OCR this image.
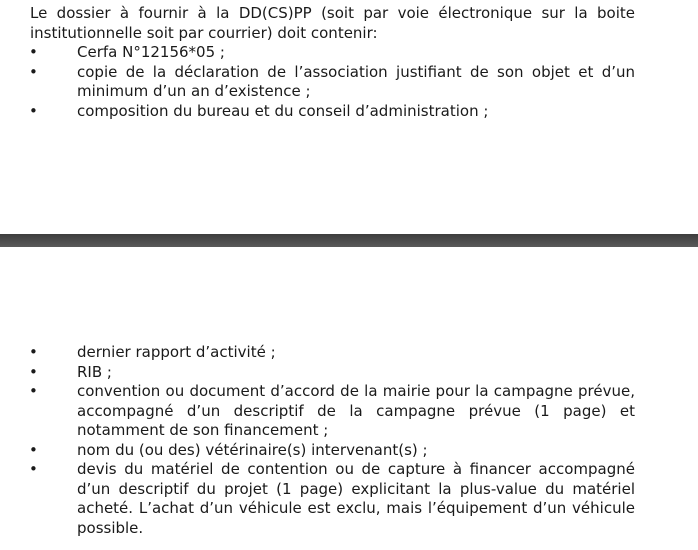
Le dossier à fournir à la DD(CS)PP (soit par voie électronique sur la boite institutionnelle soit par courrier) doit contenir:

•	Cerfa N°12156*05 ;
•	copie de la déclaration de l’association justifiant de son objet et d’un minimum d’un an d’existence ;
•	composition du bureau et du conseil d’administration ;
•	dernier rapport d’activité ;
•	RIB ;
•	convention ou document d’accord de la mairie pour la campagne prévue, accompagné d’un descriptif de la campagne prévue (1 page) et notamment de son financement ;
•	nom du (ou des) vétérinaire(s) intervenant(s) ;
•	devis du matériel de contention ou de capture à financer accompagné d’un descriptif du projet (1 page) explicitant la plus-value du matériel acheté. L’achat d’un véhicule est exclu, mais l’équipement d’un véhicule possible.
